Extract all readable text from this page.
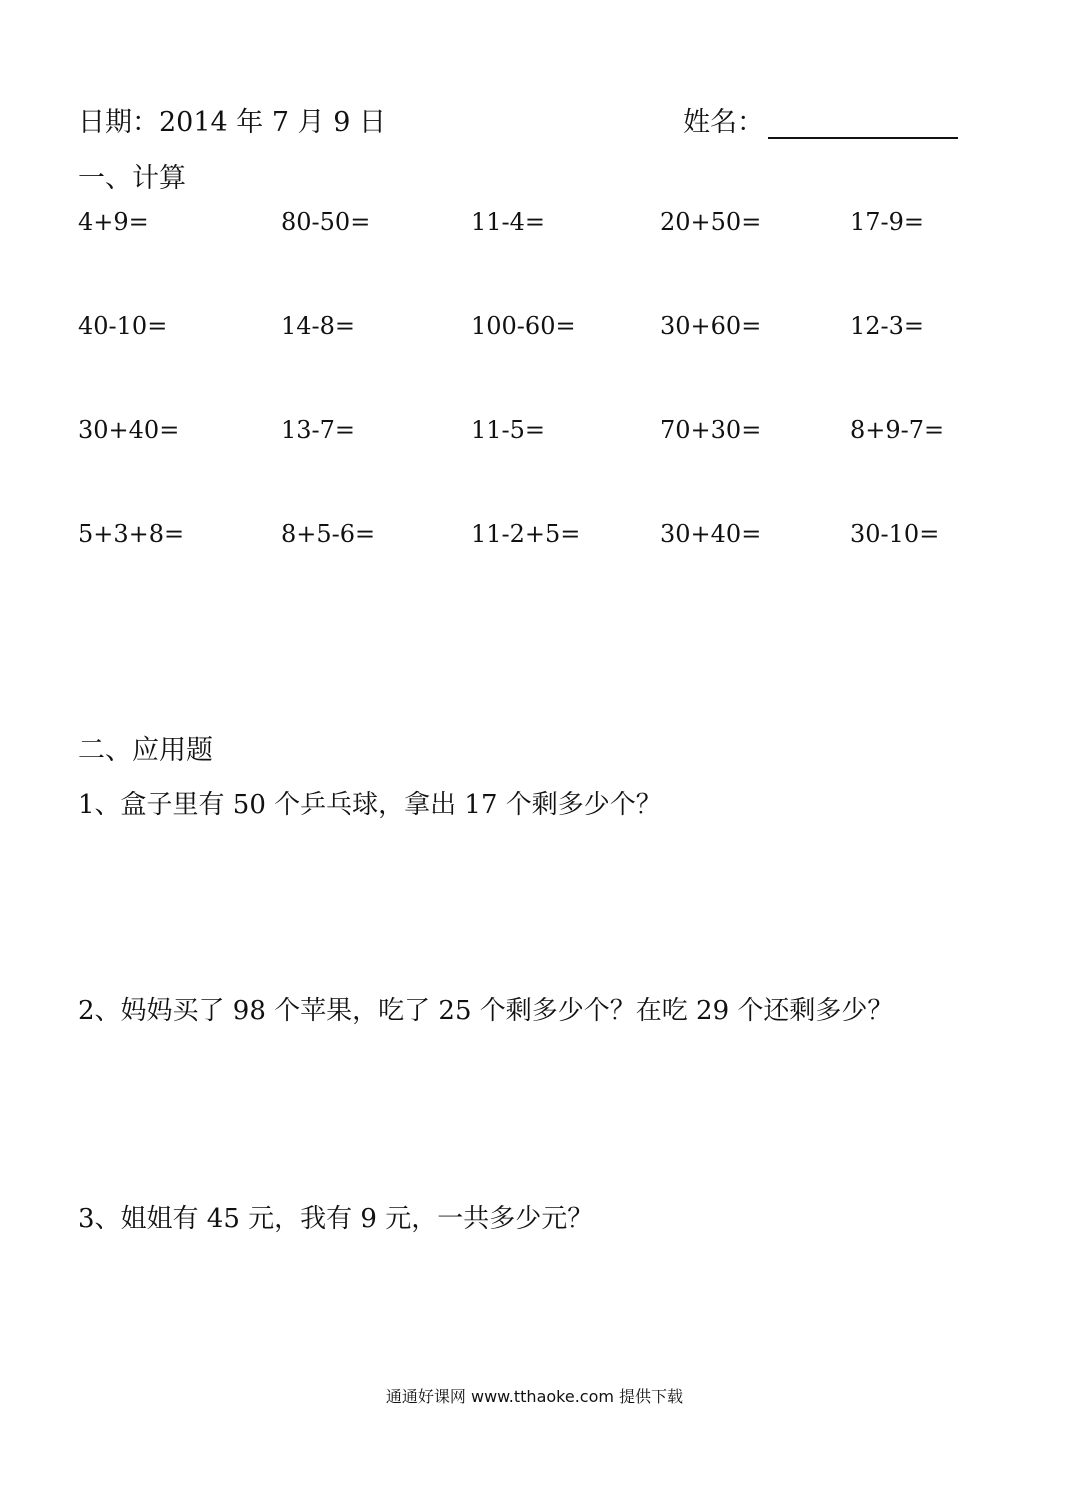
日期：2014 年 7 月 9 日	姓名：
一、计算
4+9=	80-50=	11-4=	20+50=	17-9=
40-10=	14-8=	100-60=	30+60=	12-3=
30+40=	13-7=	11-5=	70+30=	8+9-7=
5+3+8=	8+5-6=	11-2+5=	30+40=	30-10=
二、应用题
1、盒子里有 50 个乒乓球，拿出 17 个剩多少个？
2、妈妈买了 98 个苹果，吃了 25 个剩多少个？在吃 29 个还剩多少？
3、姐姐有 45 元，我有 9 元，一共多少元？
通通好课网 www.tthaoke.com 提供下载
